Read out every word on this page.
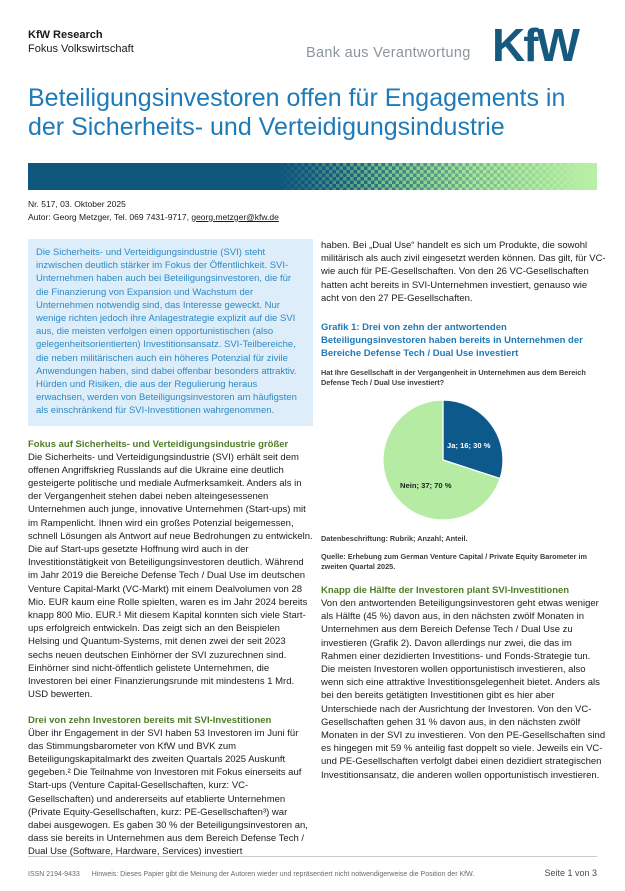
KfW Research
Fokus Volkswirtschaft	Bank aus Verantwortung KfW
Beteiligungsinvestoren offen für Engagements in der Sicherheits- und Verteidigungsindustrie
Nr. 517, 03. Oktober 2025
Autor: Georg Metzger, Tel. 069 7431-9717, georg.metzger@kfw.de
Die Sicherheits- und Verteidigungsindustrie (SVI) steht inzwischen deutlich stärker im Fokus der Öffentlichkeit. SVI-Unternehmen haben auch bei Beteiligungsinvestoren, die für die Finanzierung von Expansion und Wachstum der Unternehmen notwendig sind, das Interesse geweckt. Nur wenige richten jedoch ihre Anlagestrategie explizit auf die SVI aus, die meisten verfolgen einen opportunistischen (also gelegenheitsorientierten) Investitionsansatz. SVI-Teilbereiche, die neben militärischen auch ein höheres Potenzial für zivile Anwendungen haben, sind dabei offenbar besonders attraktiv. Hürden und Risiken, die aus der Regulierung heraus erwachsen, werden von Beteiligungsinvestoren am häufigsten als einschränkend für SVI-Investitionen wahrgenommen.
Fokus auf Sicherheits- und Verteidigungsindustrie größer

Die Sicherheits- und Verteidigungsindustrie (SVI) erhält seit dem offenen Angriffskrieg Russlands auf die Ukraine eine deutlich gesteigerte politische und mediale Aufmerksamkeit. Anders als in der Vergangenheit stehen dabei neben alteingesessenen Unternehmen auch junge, innovative Unternehmen (Start-ups) mit im Rampenlicht. Ihnen wird ein großes Potenzial beigemessen, schnell Lösungen als Antwort auf neue Bedrohungen zu entwickeln. Die auf Start-ups gesetzte Hoffnung wird auch in der Investitionstätigkeit von Beteiligungsinvestoren deutlich. Während im Jahr 2019 die Bereiche Defense Tech / Dual Use im deutschen Venture Capital-Markt (VC-Markt) mit einem Dealvolumen von 28 Mio. EUR kaum eine Rolle spielten, waren es im Jahr 2024 bereits knapp 800 Mio. EUR.¹ Mit diesem Kapital konnten sich viele Start-ups erfolgreich entwickeln. Das zeigt sich an den Beispielen Helsing und Quantum-Systems, mit denen zwei der seit 2023 sechs neuen deutschen Einhörner der SVI zuzurechnen sind. Einhörner sind nicht-öffentlich gelistete Unternehmen, die Investoren bei einer Finanzierungsrunde mit mindestens 1 Mrd. USD bewerten.

Drei von zehn Investoren bereits mit SVI-Investitionen

Über ihr Engagement in der SVI haben 53 Investoren im Juni für das Stimmungsbarometer von KfW und BVK zum Beteiligungskapitalmarkt des zweiten Quartals 2025 Auskunft gegeben.² Die Teilnahme von Investoren mit Fokus einerseits auf Start-ups (Venture Capital-Gesellschaften, kurz: VC-Gesellschaften) und andererseits auf etablierte Unternehmen (Private Equity-Gesellschaften, kurz: PE-Gesellschaften³) war dabei ausgewogen. Es gaben 30 % der Beteiligungsinvestoren an, dass sie bereits in Unternehmen aus dem Bereich Defense Tech / Dual Use (Software, Hardware, Services) investiert

haben. Bei „Dual Use“ handelt es sich um Produkte, die sowohl militärisch als auch zivil eingesetzt werden können. Das gilt, für VC- wie auch für PE-Gesellschaften. Von den 26 VC-Gesellschaften hatten acht bereits in SVI-Unternehmen investiert, genauso wie acht von den 27 PE-Gesellschaften.

Grafik 1: Drei von zehn der antwortenden Beteiligungsinvestoren haben bereits in Unternehmen der Bereiche Defense Tech / Dual Use investiert
Hat Ihre Gesellschaft in der Vergangenheit in Unternehmen aus dem Bereich Defense Tech / Dual Use investiert?
Ja; 16; 30 %
Nein; 37; 70 %
Datenbeschriftung: Rubrik; Anzahl; Anteil.
Quelle: Erhebung zum German Venture Capital / Private Equity Barometer im zweiten Quartal 2025.
Knapp die Hälfte der Investoren plant SVI-Investitionen

Von den antwortenden Beteiligungsinvestoren geht etwas weniger als Hälfte (45 %) davon aus, in den nächsten zwölf Monaten in Unternehmen aus dem Bereich Defense Tech / Dual Use zu investieren (Grafik 2). Davon allerdings nur zwei, die das im Rahmen einer dezidierten Investitions- und Fonds-Strategie tun. Die meisten Investoren wollen opportunistisch investieren, also wenn sich eine attraktive Investitionsgelegenheit bietet. Anders als bei den bereits getätigten Investitionen gibt es hier aber Unterschiede nach der Ausrichtung der Investoren. Von den VC-Gesellschaften gehen 31 % davon aus, in den nächsten zwölf Monaten in der SVI zu investieren. Von den PE-Gesellschaften sind es hingegen mit 59 % anteilig fast doppelt so viele. Jeweils ein VC- und PE-Gesellschaften verfolgt dabei einen dezidiert strategischen Investitionsansatz, die anderen wollen opportunistisch investieren.

ISSN 2194-9433 Hinweis: Dieses Papier gibt die Meinung der Autoren wieder und repräsentiert nicht notwendigerweise die Position der KfW.	Seite 1 von 3
